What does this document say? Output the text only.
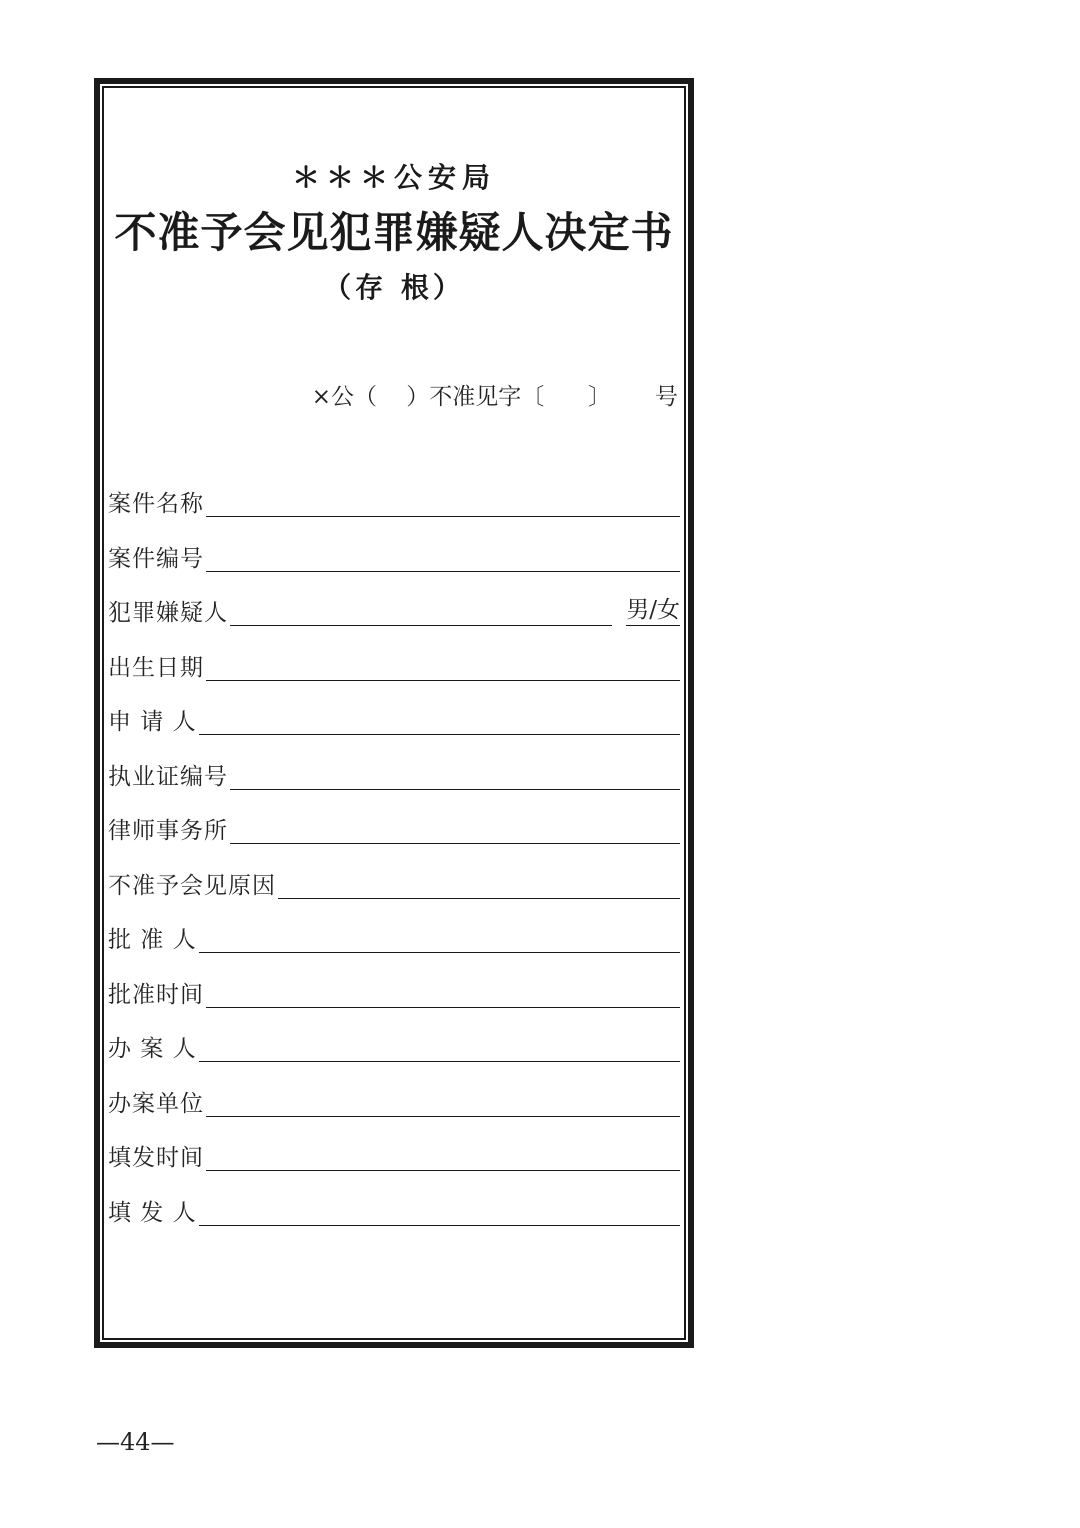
＊＊＊公安局
不准予会见犯罪嫌疑人决定书
（存 根）
×公（    ）不准见字〔      〕      号
案件名称
案件编号
犯罪嫌疑人	男/女
出生日期
申 请 人
执业证编号
律师事务所
不准予会见原因
批 准 人
批准时间
办 案 人
办案单位
填发时间
填 发 人
—44—
